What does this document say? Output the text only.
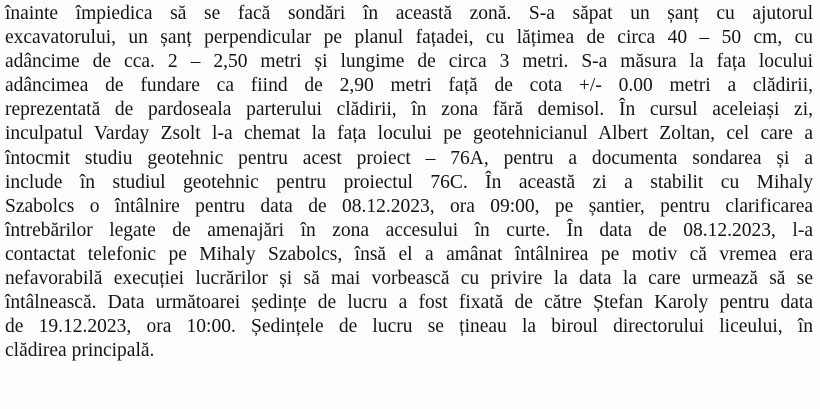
înainte împiedica să se facă sondări în această zonă. S-a săpat un șanț cu ajutorul
excavatorului, un șanț perpendicular pe planul fațadei, cu lățimea de circa 40 – 50 cm, cu
adâncime de cca. 2 – 2,50 metri și lungime de circa 3 metri. S-a măsura la fața locului
adâncimea de fundare ca fiind de 2,90 metri față de cota +/- 0.00 metri a clădirii,
reprezentată de pardoseala parterului clădirii, în zona fără demisol. În cursul aceleiași zi,
inculpatul Varday Zsolt l-a chemat la fața locului pe geotehnicianul Albert Zoltan, cel care a
întocmit studiu geotehnic pentru acest proiect – 76A, pentru a documenta sondarea și a
include în studiul geotehnic pentru proiectul 76C. În această zi a stabilit cu Mihaly
Szabolcs o întâlnire pentru data de 08.12.2023, ora 09:00, pe șantier, pentru clarificarea
întrebărilor legate de amenajări în zona accesului în curte. În data de 08.12.2023, l-a
contactat telefonic pe Mihaly Szabolcs, însă el a amânat întâlnirea pe motiv că vremea era
nefavorabilă execuției lucrărilor și să mai vorbească cu privire la data la care urmează să se
întâlnească. Data următoarei ședințe de lucru a fost fixată de către Ștefan Karoly pentru data
de 19.12.2023, ora 10:00. Ședințele de lucru se țineau la biroul directorului liceului, în
clădirea principală.
